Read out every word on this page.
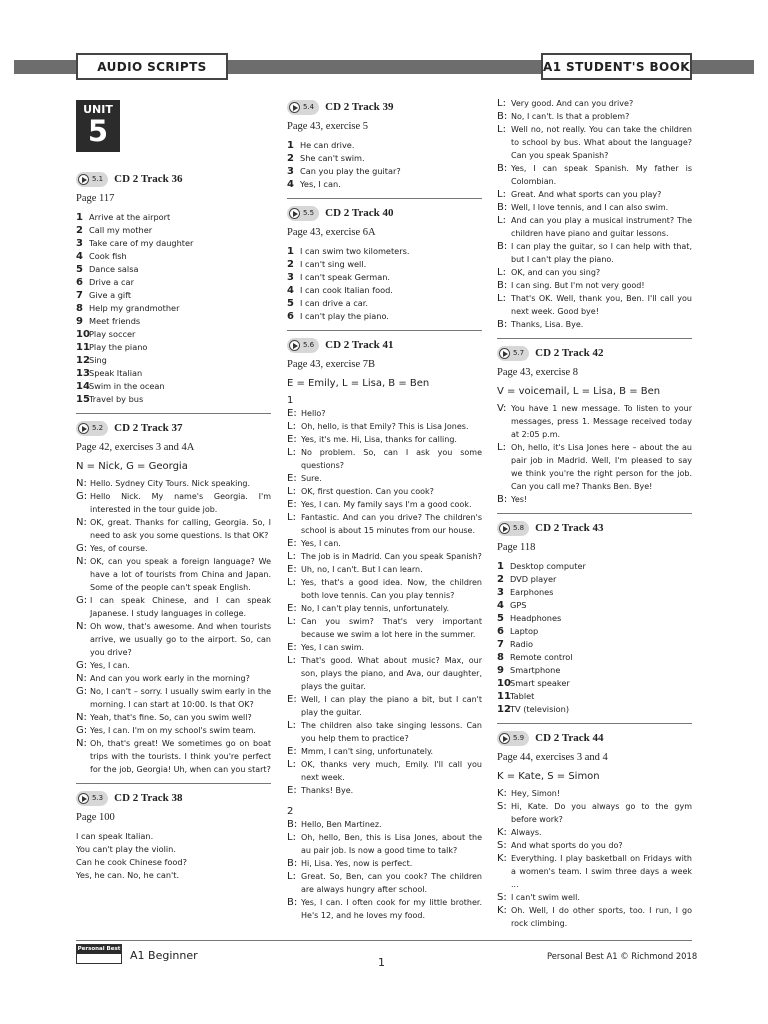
AUDIO SCRIPTS	A1 STUDENT'S BOOK
UNIT
5
5.1 CD 2 Track 36
Page 117
1 Arrive at the airport
2 Call my mother
3 Take care of my daughter
4 Cook fish
5 Dance salsa
6 Drive a car
7 Give a gift
8 Help my grandmother
9 Meet friends
10 Play soccer
11 Play the piano
12 Sing
13 Speak Italian
14 Swim in the ocean
15 Travel by bus
5.2 CD 2 Track 37
Page 42, exercises 3 and 4A
N = Nick, G = Georgia
N: Hello. Sydney City Tours. Nick speaking.
G: Hello Nick. My name's Georgia. I'm interested in the tour guide job.
N: OK, great. Thanks for calling, Georgia. So, I need to ask you some questions. Is that OK?
G: Yes, of course.
N: OK, can you speak a foreign language? We have a lot of tourists from China and Japan. Some of the people can't speak English.
G: I can speak Chinese, and I can speak Japanese. I study languages in college.
N: Oh wow, that's awesome. And when tourists arrive, we usually go to the airport. So, can you drive?
G: Yes, I can.
N: And can you work early in the morning?
G: No, I can't – sorry. I usually swim early in the morning. I can start at 10:00. Is that OK?
N: Yeah, that's fine. So, can you swim well?
G: Yes, I can. I'm on my school's swim team.
N: Oh, that's great! We sometimes go on boat trips with the tourists. I think you're perfect for the job, Georgia! Uh, when can you start?
5.3 CD 2 Track 38
Page 100
I can speak Italian.
You can't play the violin.
Can he cook Chinese food?
Yes, he can. No, he can't.
5.4 CD 2 Track 39
Page 43, exercise 5
1 He can drive.
2 She can't swim.
3 Can you play the guitar?
4 Yes, I can.
5.5 CD 2 Track 40
Page 43, exercise 6A
1 I can swim two kilometers.
2 I can't sing well.
3 I can't speak German.
4 I can cook Italian food.
5 I can drive a car.
6 I can't play the piano.
5.6 CD 2 Track 41
Page 43, exercise 7B
E = Emily, L = Lisa, B = Ben
1
E: Hello?
L: Oh, hello, is that Emily? This is Lisa Jones.
E: Yes, it's me. Hi, Lisa, thanks for calling.
L: No problem. So, can I ask you some questions?
E: Sure.
L: OK, first question. Can you cook?
E: Yes, I can. My family says I'm a good cook.
L: Fantastic. And can you drive? The children's school is about 15 minutes from our house.
E: Yes, I can.
L: The job is in Madrid. Can you speak Spanish?
E: Uh, no, I can't. But I can learn.
L: Yes, that's a good idea. Now, the children both love tennis. Can you play tennis?
E: No, I can't play tennis, unfortunately.
L: Can you swim? That's very important because we swim a lot here in the summer.
E: Yes, I can swim.
L: That's good. What about music? Max, our son, plays the piano, and Ava, our daughter, plays the guitar.
E: Well, I can play the piano a bit, but I can't play the guitar.
L: The children also take singing lessons. Can you help them to practice?
E: Mmm, I can't sing, unfortunately.
L: OK, thanks very much, Emily. I'll call you next week.
E: Thanks! Bye.
2
B: Hello, Ben Martinez.
L: Oh, hello, Ben, this is Lisa Jones, about the au pair job. Is now a good time to talk?
B: Hi, Lisa. Yes, now is perfect.
L: Great. So, Ben, can you cook? The children are always hungry after school.
B: Yes, I can. I often cook for my little brother. He's 12, and he loves my food.
L: Very good. And can you drive?
B: No, I can't. Is that a problem?
L: Well no, not really. You can take the children to school by bus. What about the language? Can you speak Spanish?
B: Yes, I can speak Spanish. My father is Colombian.
L: Great. And what sports can you play?
B: Well, I love tennis, and I can also swim.
L: And can you play a musical instrument? The children have piano and guitar lessons.
B: I can play the guitar, so I can help with that, but I can't play the piano.
L: OK, and can you sing?
B: I can sing. But I'm not very good!
L: That's OK. Well, thank you, Ben. I'll call you next week. Good bye!
B: Thanks, Lisa. Bye.
5.7 CD 2 Track 42
Page 43, exercise 8
V = voicemail, L = Lisa, B = Ben
V: You have 1 new message. To listen to your messages, press 1. Message received today at 2:05 p.m.
L: Oh, hello, it's Lisa Jones here – about the au pair job in Madrid. Well, I'm pleased to say we think you're the right person for the job. Can you call me? Thanks Ben. Bye!
B: Yes!
5.8 CD 2 Track 43
Page 118
1 Desktop computer
2 DVD player
3 Earphones
4 GPS
5 Headphones
6 Laptop
7 Radio
8 Remote control
9 Smartphone
10 Smart speaker
11 Tablet
12 TV (television)
5.9 CD 2 Track 44
Page 44, exercises 3 and 4
K = Kate, S = Simon
K: Hey, Simon!
S: Hi, Kate. Do you always go to the gym before work?
K: Always.
S: And what sports do you do?
K: Everything. I play basketball on Fridays with a women's team. I swim three days a week ...
S: I can't swim well.
K: Oh. Well, I do other sports, too. I run, I go rock climbing.
Personal Best A1 Beginner
1	Personal Best A1 © Richmond 2018
